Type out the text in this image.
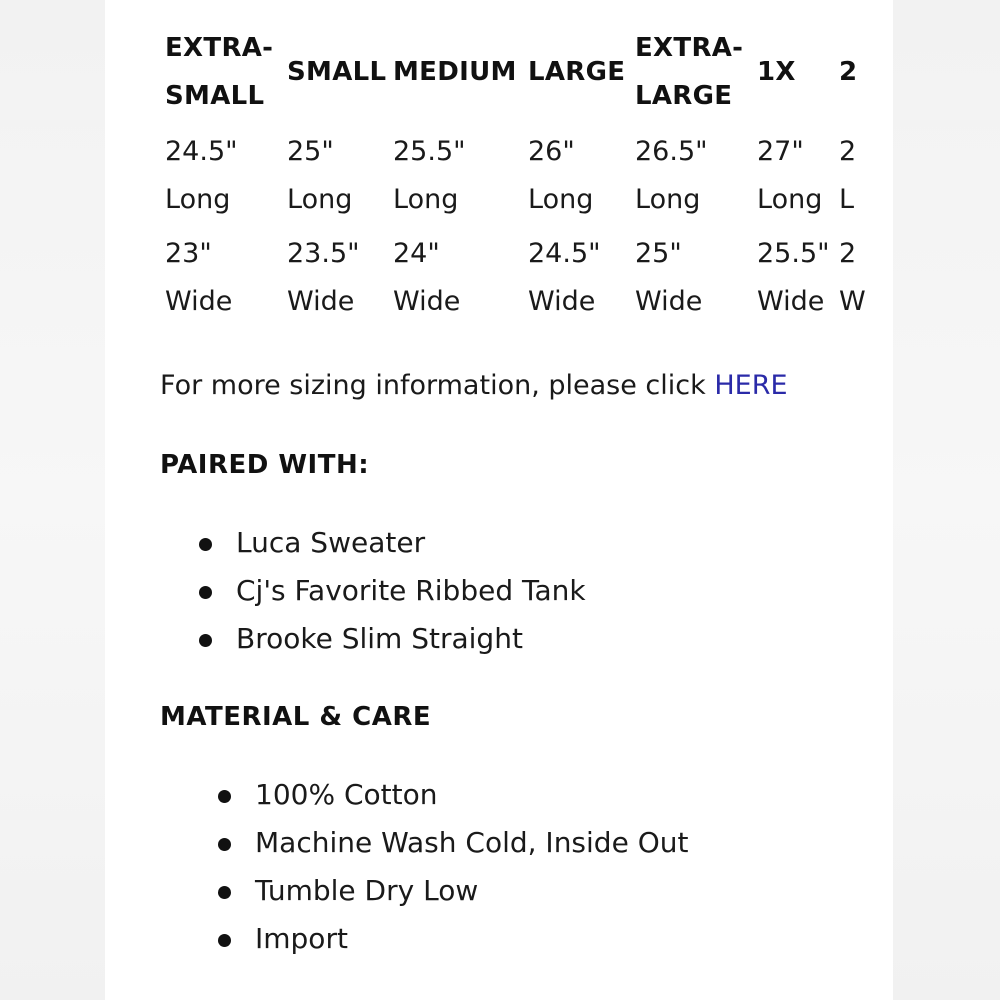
EXTRA-SMALL
24.5"
Long
23"
Wide
SMALL
25"
Long
23.5"
Wide
MEDIUM
25.5"
Long
24"
Wide
LARGE
26"
Long
24.5"
Wide
EXTRA-LARGE
26.5"
Long
25"
Wide
1X
27"
Long
25.5"
Wide
2
2
L
2
W
For more sizing information, please click HERE
PAIRED WITH:
Luca Sweater
Cj's Favorite Ribbed Tank
Brooke Slim Straight
MATERIAL & CARE
100% Cotton
Machine Wash Cold, Inside Out
Tumble Dry Low
Import
